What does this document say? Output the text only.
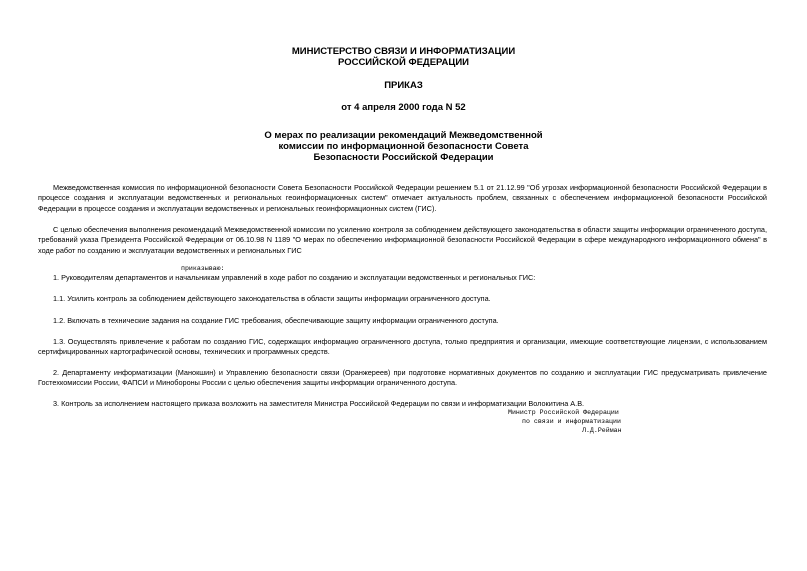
МИНИСТЕРСТВО СВЯЗИ И ИНФОРМАТИЗАЦИИ
РОССИЙСКОЙ ФЕДЕРАЦИИ
ПРИКАЗ
от 4 апреля 2000 года N 52
О мерах по реализации рекомендаций Межведомственной
комиссии по информационной безопасности Совета
Безопасности Российской Федерации
Межведомственная комиссия по информационной безопасности Совета Безопасности Российской Федерации решением 5.1 от 21.12.99 "Об угрозах информационной безопасности Российской Федерации в процессе создания и эксплуатации ведомственных и региональных геоинформационных систем" отмечает актуальность проблем, связанных с обеспечением информационной безопасности Российской Федерации в процессе создания и эксплуатации ведомственных и региональных геоинформационных систем (ГИС).
С целью обеспечения выполнения рекомендаций Межведомственной комиссии по усилению контроля за соблюдением действующего законодательства в области защиты информации ограниченного доступа, требований указа Президента Российской Федерации от 06.10.98 N 1189 "О мерах по обеспечению информационной безопасности Российской Федерации в сфере международного информационного обмена" в ходе работ по созданию и эксплуатации ведомственных и региональных ГИС
приказываю:
1. Руководителям департаментов и начальникам управлений в ходе работ по созданию и эксплуатации ведомственных и региональных ГИС:
1.1. Усилить контроль за соблюдением действующего законодательства в области защиты информации ограниченного доступа.
1.2. Включать в технические задания на создание ГИС требования, обеспечивающие защиту информации ограниченного доступа.
1.3. Осуществлять привлечение к работам по созданию ГИС, содержащих информацию ограниченного доступа, только предприятия и организации, имеющие соответствующие лицензии, с использованием сертифицированных картографической основы, технических и программных средств.
2. Департаменту информатизации (Манокшин) и Управлению безопасности связи (Оранжереев) при подготовке нормативных документов по созданию и эксплуатации ГИС предусматривать привлечение Гостехкомиссии России, ФАПСИ и Минобороны России с целью обеспечения защиты информации ограниченного доступа.
3. Контроль за исполнением настоящего приказа возложить на заместителя Министра Российской Федерации по связи и информатизации Волокитина А.В.
Министр Российской Федерации
по связи и информатизации
Л.Д.Рейман
